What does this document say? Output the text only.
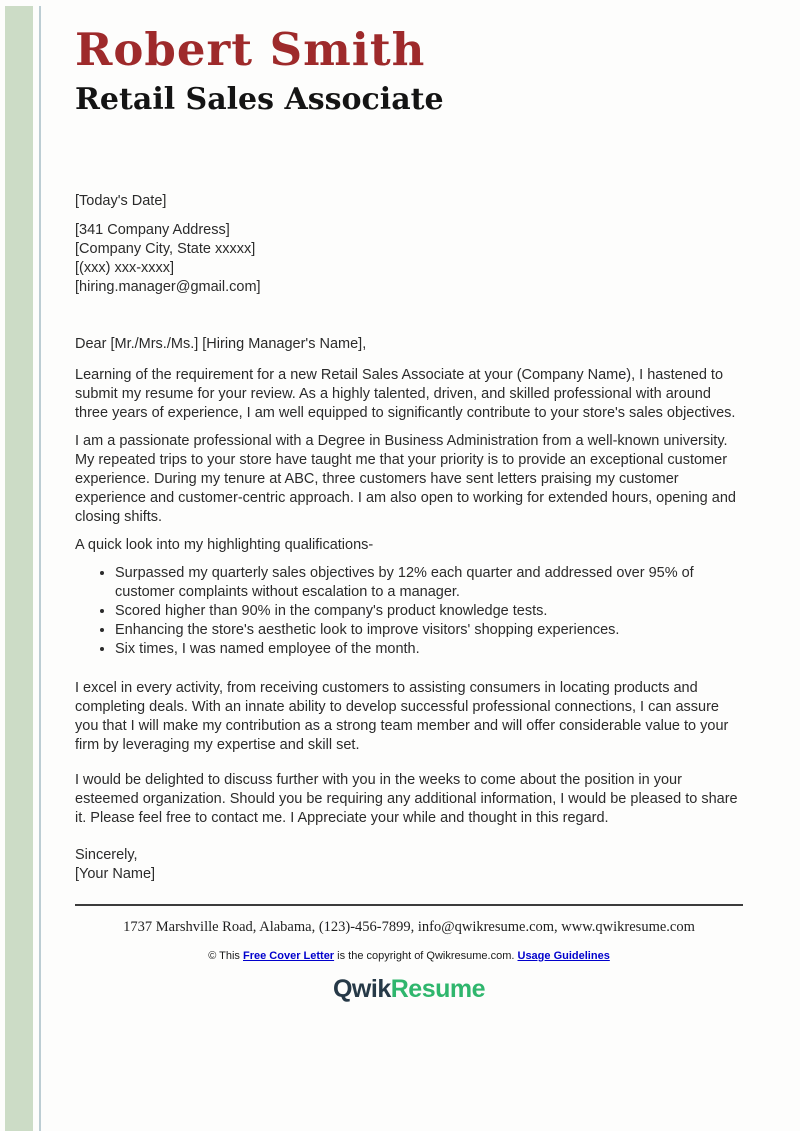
Robert Smith
Retail Sales Associate
[Today's Date]
[341 Company Address]
[Company City, State xxxxx]
[(xxx) xxx-xxxx]
[hiring.manager@gmail.com]
Dear [Mr./Mrs./Ms.] [Hiring Manager's Name],

Learning of the requirement for a new Retail Sales Associate at your (Company Name), I hastened to submit my resume for your review. As a highly talented, driven, and skilled professional with around three years of experience, I am well equipped to significantly contribute to your store's sales objectives.

I am a passionate professional with a Degree in Business Administration from a well-known university. My repeated trips to your store have taught me that your priority is to provide an exceptional customer experience. During my tenure at ABC, three customers have sent letters praising my customer experience and customer-centric approach. I am also open to working for extended hours, opening and closing shifts.

A quick look into my highlighting qualifications-
• Surpassed my quarterly sales objectives by 12% each quarter and addressed over 95% of customer complaints without escalation to a manager.
• Scored higher than 90% in the company's product knowledge tests.
• Enhancing the store's aesthetic look to improve visitors' shopping experiences.
• Six times, I was named employee of the month.

I excel in every activity, from receiving customers to assisting consumers in locating products and completing deals. With an innate ability to develop successful professional connections, I can assure you that I will make my contribution as a strong team member and will offer considerable value to your firm by leveraging my expertise and skill set.

I would be delighted to discuss further with you in the weeks to come about the position in your esteemed organization. Should you be requiring any additional information, I would be pleased to share it. Please feel free to contact me. I Appreciate your while and thought in this regard.

Sincerely,
[Your Name]
1737 Marshville Road, Alabama, (123)-456-7899, info@qwikresume.com, www.qwikresume.com
© This Free Cover Letter is the copyright of Qwikresume.com. Usage Guidelines
QwikResume
